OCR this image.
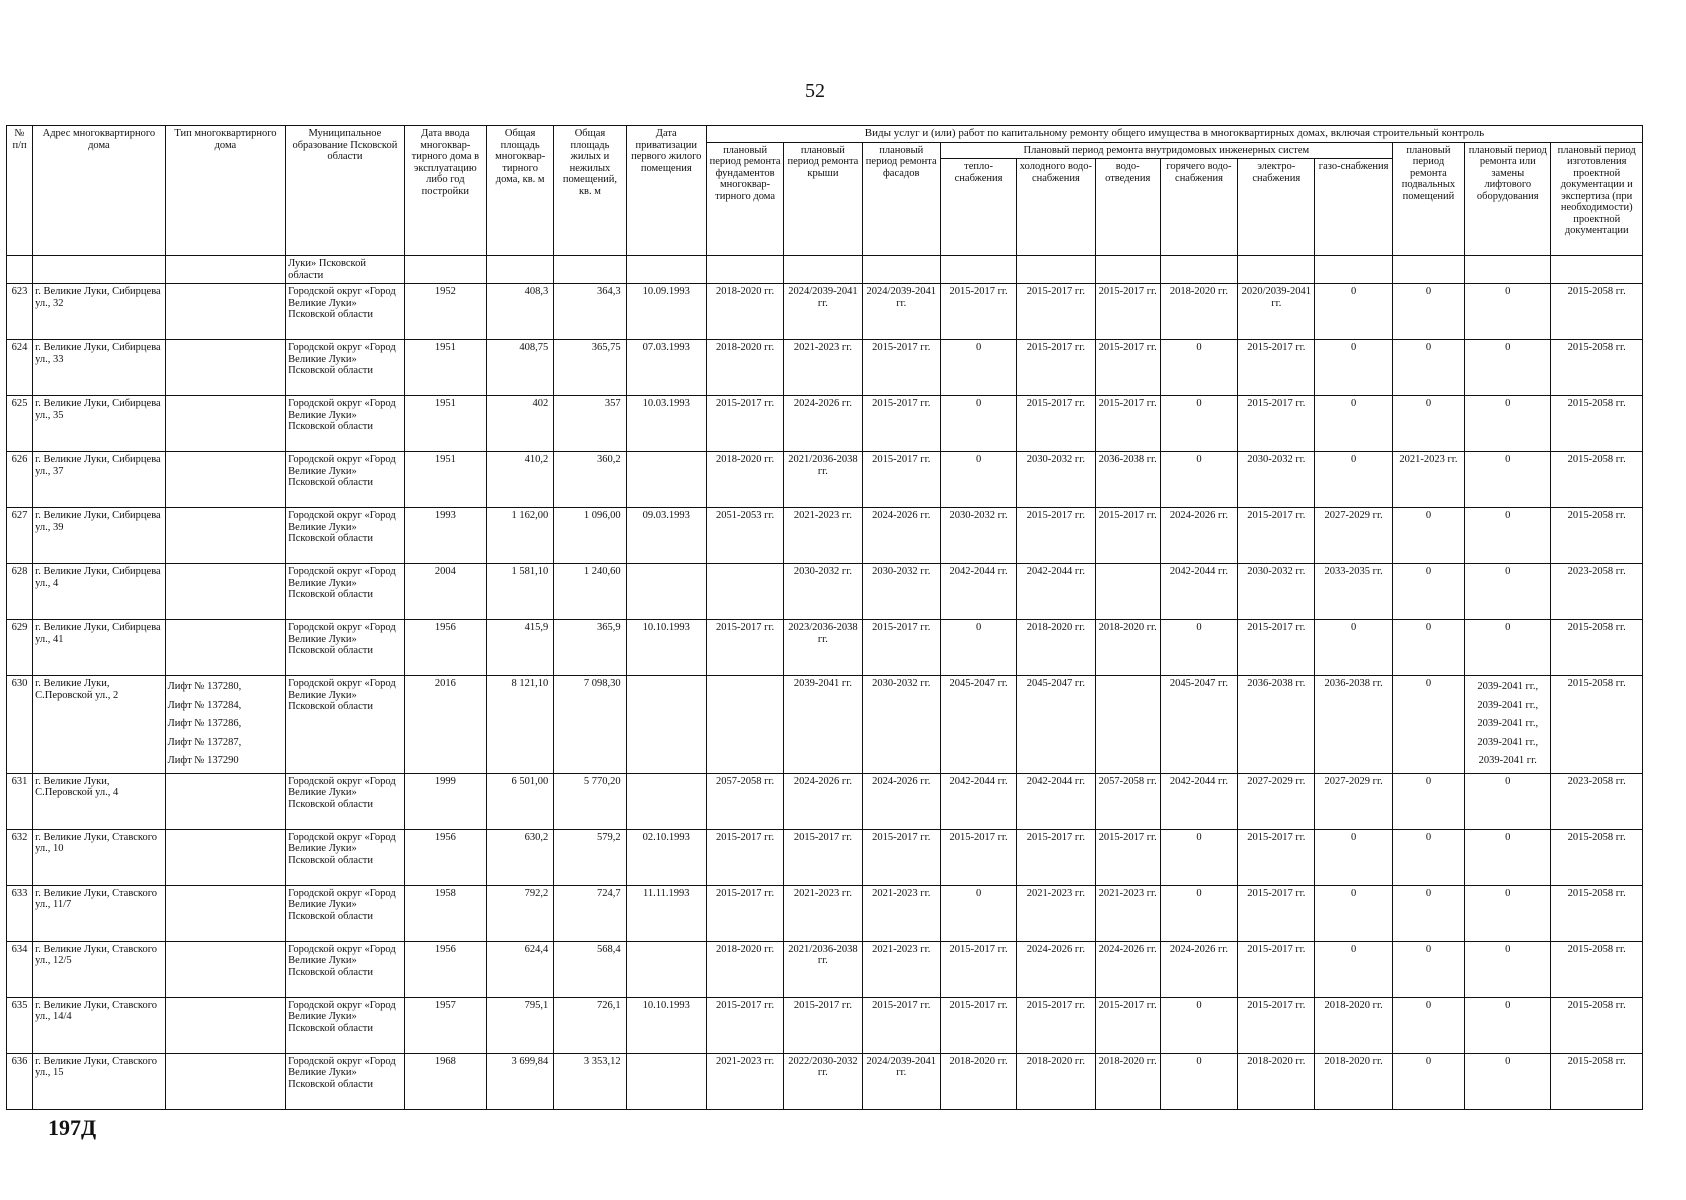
52
№ п/п	Адрес многоквартирного дома	Тип многоквартирного дома	Муниципальное образование Псковской области	Дата ввода многоквар-тирного дома в эксплуатацию либо год постройки	Общая площадь многоквар-тирного дома, кв. м	Общая площадь жилых и нежилых помещений, кв. м	Дата приватизации первого жилого помещения	Виды услуг и (или) работ по капитальному ремонту общего имущества в многоквартирных домах, включая строительный контроль											
								плановый период ремонта фундаментов многоквар-тирного дома	плановый период ремонта крыши	плановый период ремонта фасадов	Плановый период ремонта внутридомовых инженерных систем						плановый период ремонта подвальных помещений	плановый период ремонта или замены лифтового оборудования	плановый период изготовления проектной документации и экспертиза (при необходимости) проектной документации
											тепло-снабжения	холодного водо-снабжения	водо-отведения	горячего водо-снабжения	электро-снабжения	газо-снабжения			
			Луки» Псковской области																
623	г. Великие Луки, Сибирцева ул., 32		Городской округ «Город Великие Луки» Псковской области	1952	408,3	364,3	10.09.1993	2018-2020 гг.	2024/2039-2041 гг.	2024/2039-2041 гг.	2015-2017 гг.	2015-2017 гг.	2015-2017 гг.	2018-2020 гг.	2020/2039-2041 гг.	0	0	0	2015-2058 гг.
624	г. Великие Луки, Сибирцева ул., 33		Городской округ «Город Великие Луки» Псковской области	1951	408,75	365,75	07.03.1993	2018-2020 гг.	2021-2023 гг.	2015-2017 гг.	0	2015-2017 гг.	2015-2017 гг.	0	2015-2017 гг.	0	0	0	2015-2058 гг.
625	г. Великие Луки, Сибирцева ул., 35		Городской округ «Город Великие Луки» Псковской области	1951	402	357	10.03.1993	2015-2017 гг.	2024-2026 гг.	2015-2017 гг.	0	2015-2017 гг.	2015-2017 гг.	0	2015-2017 гг.	0	0	0	2015-2058 гг.
626	г. Великие Луки, Сибирцева ул., 37		Городской округ «Город Великие Луки» Псковской области	1951	410,2	360,2		2018-2020 гг.	2021/2036-2038 гг.	2015-2017 гг.	0	2030-2032 гг.	2036-2038 гг.	0	2030-2032 гг.	0	2021-2023 гг.	0	2015-2058 гг.
627	г. Великие Луки, Сибирцева ул., 39		Городской округ «Город Великие Луки» Псковской области	1993	1 162,00	1 096,00	09.03.1993	2051-2053 гг.	2021-2023 гг.	2024-2026 гг.	2030-2032 гг.	2015-2017 гг.	2015-2017 гг.	2024-2026 гг.	2015-2017 гг.	2027-2029 гг.	0	0	2015-2058 гг.
628	г. Великие Луки, Сибирцева ул., 4		Городской округ «Город Великие Луки» Псковской области	2004	1 581,10	1 240,60			2030-2032 гг.	2030-2032 гг.	2042-2044 гг.	2042-2044 гг.		2042-2044 гг.	2030-2032 гг.	2033-2035 гг.	0	0	2023-2058 гг.
629	г. Великие Луки, Сибирцева ул., 41		Городской округ «Город Великие Луки» Псковской области	1956	415,9	365,9	10.10.1993	2015-2017 гг.	2023/2036-2038 гг.	2015-2017 гг.	0	2018-2020 гг.	2018-2020 гг.	0	2015-2017 гг.	0	0	0	2015-2058 гг.
630	г. Великие Луки, С.Перовской ул., 2	Лифт № 137280,
Лифт № 137284,
Лифт № 137286,
Лифт № 137287,
Лифт № 137290	Городской округ «Город Великие Луки» Псковской области	2016	8 121,10	7 098,30			2039-2041 гг.	2030-2032 гг.	2045-2047 гг.	2045-2047 гг.		2045-2047 гг.	2036-2038 гг.	2036-2038 гг.	0	2039-2041 гг.,
2039-2041 гг.,
2039-2041 гг.,
2039-2041 гг.,
2039-2041 гг.	2015-2058 гг.
631	г. Великие Луки, С.Перовской ул., 4		Городской округ «Город Великие Луки» Псковской области	1999	6 501,00	5 770,20		2057-2058 гг.	2024-2026 гг.	2024-2026 гг.	2042-2044 гг.	2042-2044 гг.	2057-2058 гг.	2042-2044 гг.	2027-2029 гг.	2027-2029 гг.	0	0	2023-2058 гг.
632	г. Великие Луки, Ставского ул., 10		Городской округ «Город Великие Луки» Псковской области	1956	630,2	579,2	02.10.1993	2015-2017 гг.	2015-2017 гг.	2015-2017 гг.	2015-2017 гг.	2015-2017 гг.	2015-2017 гг.	0	2015-2017 гг.	0	0	0	2015-2058 гг.
633	г. Великие Луки, Ставского ул., 11/7		Городской округ «Город Великие Луки» Псковской области	1958	792,2	724,7	11.11.1993	2015-2017 гг.	2021-2023 гг.	2021-2023 гг.	0	2021-2023 гг.	2021-2023 гг.	0	2015-2017 гг.	0	0	0	2015-2058 гг.
634	г. Великие Луки, Ставского ул., 12/5		Городской округ «Город Великие Луки» Псковской области	1956	624,4	568,4		2018-2020 гг.	2021/2036-2038 гг.	2021-2023 гг.	2015-2017 гг.	2024-2026 гг.	2024-2026 гг.	2024-2026 гг.	2015-2017 гг.	0	0	0	2015-2058 гг.
635	г. Великие Луки, Ставского ул., 14/4		Городской округ «Город Великие Луки» Псковской области	1957	795,1	726,1	10.10.1993	2015-2017 гг.	2015-2017 гг.	2015-2017 гг.	2015-2017 гг.	2015-2017 гг.	2015-2017 гг.	0	2015-2017 гг.	2018-2020 гг.	0	0	2015-2058 гг.
636	г. Великие Луки, Ставского ул., 15		Городской округ «Город Великие Луки» Псковской области	1968	3 699,84	3 353,12		2021-2023 гг.	2022/2030-2032 гг.	2024/2039-2041 гг.	2018-2020 гг.	2018-2020 гг.	2018-2020 гг.	0	2018-2020 гг.	2018-2020 гг.	0	0	2015-2058 гг.
197Д
